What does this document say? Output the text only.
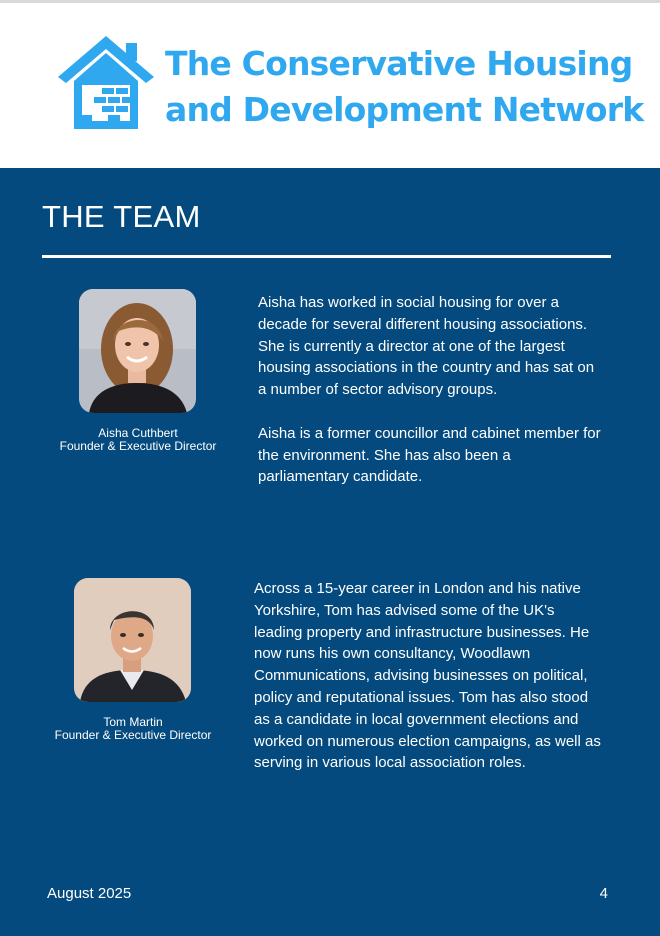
The Conservative Housing
and Development Network
THE TEAM
Aisha Cuthbert
Founder & Executive Director

Aisha has worked in social housing for over a decade for several different housing associations. She is currently a director at one of the largest housing associations in the country and has sat on a number of sector advisory groups.

Aisha is a former councillor and cabinet member for the environment. She has also been a parliamentary candidate.

Tom Martin
Founder & Executive Director

Across a 15-year career in London and his native Yorkshire, Tom has advised some of the UK's leading property and infrastructure businesses. He now runs his own consultancy, Woodlawn Communications, advising businesses on political, policy and reputational issues. Tom has also stood as a candidate in local government elections and worked on numerous election campaigns, as well as serving in various local association roles.

August 2025	4
